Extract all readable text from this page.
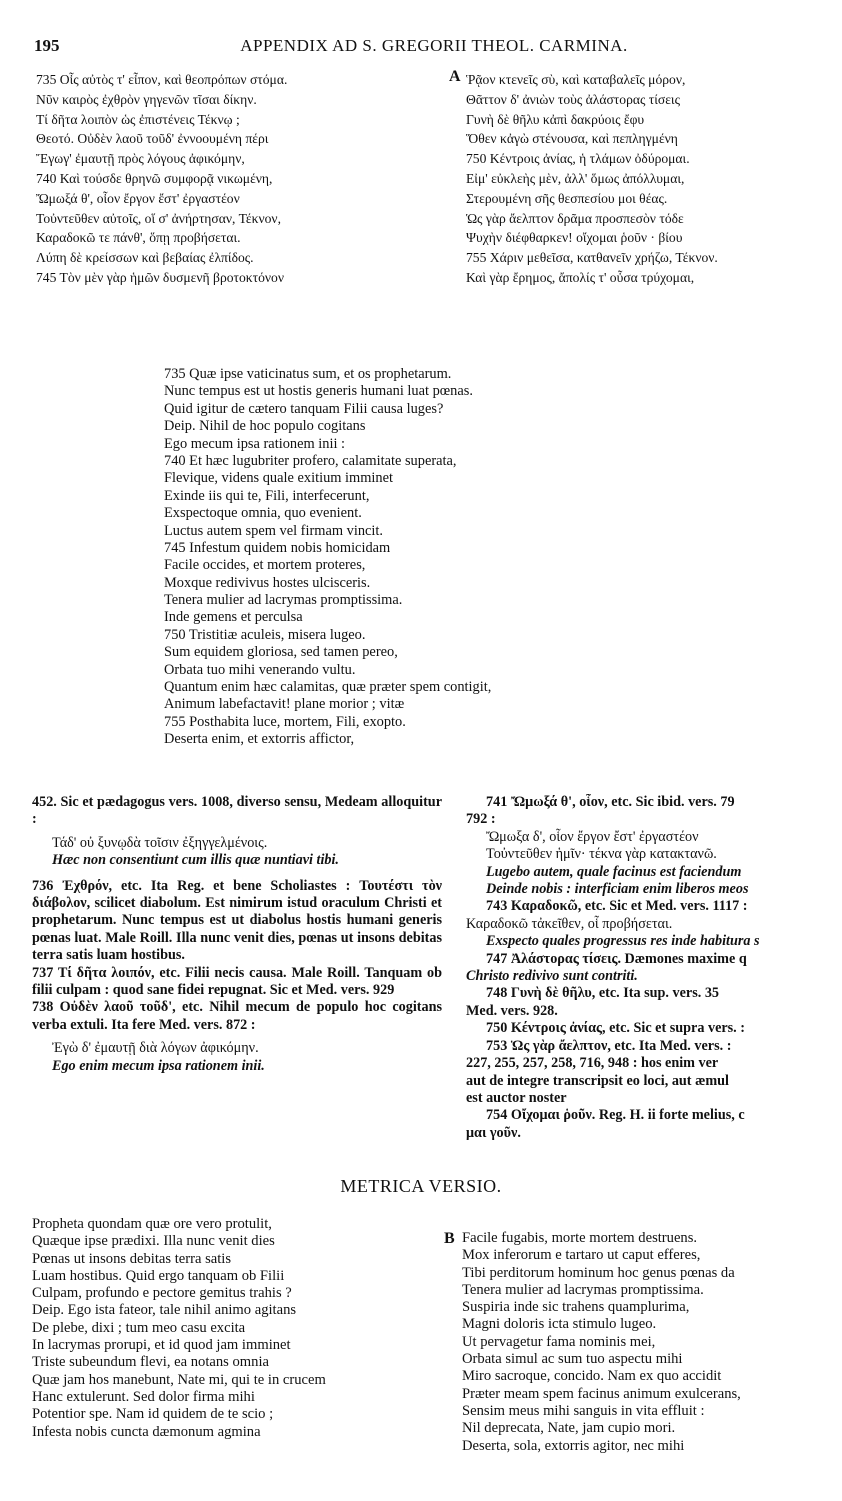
195	APPENDIX AD S. GREGORII THEOL. CARMINA.
735 Οἷς αὐτὸς τ' εἶπον, καὶ θεοπρόπων στόμα.
Νῦν καιρὸς ἐχθρὸν γηγενῶν τῖσαι δίκην.
Τί δῆτα λοιπὸν ὡς ἐπιστένεις Τέκνῳ ;
Θεοτό. Οὐδὲν λαοῦ τοῦδ' ἐννοουμένη πέρι
Ἔγωγ' ἐμαυτῇ πρὸς λόγους ἀφικόμην,
740 Καὶ τούσδε θρηνῶ συμφορᾷ νικωμένη,
Ὤμωξά θ', οἷον ἔργον ἔστ' ἐργαστέον
Τοὐντεῦθεν αὐτοῖς, οἵ σ' ἀνήρτησαν, Τέκνον,
Καραδοκῶ τε πάνθ', ὅπῃ προβήσεται.
Λύπη δὲ κρείσσων καὶ βεβαίας ἐλπίδος.
745 Τὸν μὲν γὰρ ἡμῶν δυσμενῆ βροτοκτόνον
A Ῥᾷον κτενεῖς σὺ, καὶ καταβαλεῖς μόρον,
Θᾶττον δ' ἀνιὼν τοὺς ἀλάστορας τίσεις
Γυνὴ δὲ θῆλυ κἀπὶ δακρύοις ἔφυ
Ὅθεν κἀγὼ στένουσα, καὶ πεπληγμένη
750 Κέντροις ἀνίας, ἡ τλάμων ὀδύρομαι.
Εἰμ' εὐκλεὴς μὲν, ἀλλ' ὅμως ἀπόλλυμαι,
Στερουμένη σῆς θεσπεσίου μοι θέας.
Ὡς γὰρ ἄελπτον δρᾶμα προσπεσὸν τόδε
Ψυχὴν διέφθαρκεν! οἴχομαι ῥοῦν · βίου
755 Χάριν μεθεῖσα, κατθανεῖν χρήζω, Τέκνον.
Καὶ γὰρ ἔρημος, ἄπολίς τ' οὖσα τρύχομαι,
735 Quæ ipse vaticinatus sum, et os prophetarum.
Nunc tempus est ut hostis generis humani luat pœnas.
Quid igitur de cætero tanquam Filii causa luges?
Deip. Nihil de hoc populo cogitans
Ego mecum ipsa rationem inii :
740 Et hæc lugubriter profero, calamitate superata,
Flevique, videns quale exitium imminet
Exinde iis qui te, Fili, interfecerunt,
Exspectoque omnia, quo evenient.
Luctus autem spem vel firmam vincit.
745 Infestum quidem nobis homicidam
Facile occides, et mortem proteres,
Moxque redivivus hostes ulcisceris.
Tenera mulier ad lacrymas promptissima.
Inde gemens et perculsa
750 Tristitiæ aculeis, misera lugeo.
Sum equidem gloriosa, sed tamen pereo,
Orbata tuo mihi venerando vultu.
Quantum enim hæc calamitas, quæ præter spem contigit,
Animum labefactavit! plane morior ; vitæ
755 Posthabita luce, mortem, Fili, exopto.
Deserta enim, et extorris affictor,
452. Sic et pædagogus vers. 1008, diverso sensu, Medeam alloquitur :
Τάδ' οὐ ξυνῳδὰ τοῖσιν ἐξηγγελμένοις.
Hæc non consentiunt cum illis quæ nuntiavi tibi.
736 Ἐχθρόν, etc. Ita Reg. et bene Scholiastes : Τουτέστι τὸν διάβολον, scilicet diabolum. Est nimirum istud oraculum Christi et prophetarum. Nunc tempus est ut diabolus hostis humani generis pœnas luat. Male Roill. Illa nunc venit dies, pœnas ut insons debitas terra satis luam hostibus.
737 Τί δῆτα λοιπόν, etc. Filii necis causa. Male Roill. Tanquam ob filii culpam : quod sane fidei repugnat. Sic et Med. vers. 929
738 Οὐδὲν λαοῦ τοῦδ', etc. Nihil mecum de populo hoc cogitans verba extuli. Ita fere Med. vers. 872 :
Ἐγὼ δ' ἐμαυτῇ διὰ λόγων ἀφικόμην.
Ego enim mecum ipsa rationem inii.
741 Ὤμωξά θ', οἷον, etc. Sic ibid. vers. 79
792 :
Ὤμωξα δ', οἷον ἔργον ἔστ' ἐργαστέον
Τοὐντεῦθεν ἡμῖν· τέκνα γὰρ κατακτανῶ.
Lugebo autem, quale facinus est faciendum
Deinde nobis : interficiam enim liberos meos
743 Καραδοκῶ, etc. Sic et Med. vers. 1117 :
Καραδοκῶ τἀκεῖθεν, οἷ προβήσεται.
Exspecto quales progressus res inde habitura s
747 Ἀλάστορας τίσεις. Dæmones maxime q
Christo redivivo sunt contriti.
748 Γυνὴ δὲ θῆλυ, etc. Ita sup. vers. 35
Med. vers. 928.
750 Κέντροις ἀνίας, etc. Sic et supra vers. :
753 Ὡς γὰρ ἄελπτον, etc. Ita Med. vers. :
227, 255, 257, 258, 716, 948 : hos enim ver
aut de integre transcripsit eo loci, aut æmul
est auctor noster
754 Οἴχομαι ῥοῦν. Reg. H. ii forte melius, c
μαι γοῦν.
METRICA VERSIO.
Propheta quondam quæ ore vero protulit,
Quæque ipse prædixi. Illa nunc venit dies
Pœnas ut insons debitas terra satis
Luam hostibus. Quid ergo tanquam ob Filii
Culpam, profundo e pectore gemitus trahis ?
Deip. Ego ista fateor, tale nihil animo agitans
De plebe, dixi ; tum meo casu excita
In lacrymas prorupi, et id quod jam imminet
Triste subeundum flevi, ea notans omnia
Quæ jam hos manebunt, Nate mi, qui te in crucem
Hanc extulerunt. Sed dolor firma mihi
Potentior spe. Nam id quidem de te scio ;
Infesta nobis cuncta dæmonum agmina
B Facile fugabis, morte mortem destruens.
Mox inferorum e tartaro ut caput efferes,
Tibi perditorum hominum hoc genus pœnas da
Tenera mulier ad lacrymas promptissima.
Suspiria inde sic trahens quamplurima,
Magni doloris icta stimulo lugeo.
Ut pervagetur fama nominis mei,
Orbata simul ac sum tuo aspectu mihi
Miro sacroque, concido. Nam ex quo accidit
Præter meam spem facinus animum exulcerans,
Sensim meus mihi sanguis in vita effluit :
Nil deprecata, Nate, jam cupio mori.
Deserta, sola, extorris agitor, nec mihi
